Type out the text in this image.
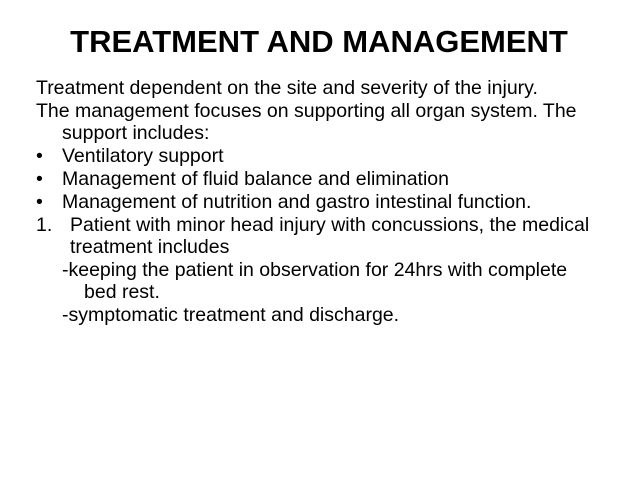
TREATMENT AND MANAGEMENT
Treatment dependent on the site and severity of the injury.
The management focuses on supporting all organ system. The support includes:
• Ventilatory support
• Management of fluid balance and elimination
• Management of nutrition and gastro intestinal function.
1. Patient with minor head injury with concussions, the medical treatment includes
-keeping the patient in observation for 24hrs with complete bed rest.
-symptomatic treatment and discharge.
